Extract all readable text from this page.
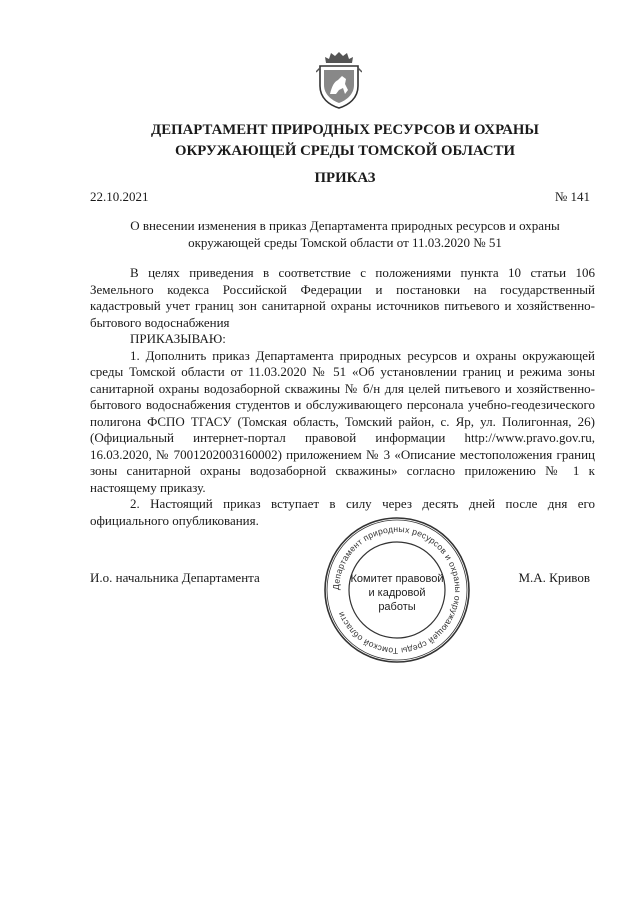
ДЕПАРТАМЕНТ ПРИРОДНЫХ РЕСУРСОВ И ОХРАНЫ
ОКРУЖАЮЩЕЙ СРЕДЫ ТОМСКОЙ ОБЛАСТИ
ПРИКАЗ
22.10.2021	№ 141
О внесении изменения в приказ Департамента природных ресурсов и охраны
окружающей среды Томской области от 11.03.2020 № 51

В целях приведения в соответствие с положениями пункта 10 статьи 106 Земельного кодекса Российской Федерации и постановки на государственный кадастровый учет границ зон санитарной охраны источников питьевого и хозяйственно-бытового водоснабжения

ПРИКАЗЫВАЮ:

1. Дополнить приказ Департамента природных ресурсов и охраны окружающей среды Томской области от 11.03.2020 № 51 «Об установлении границ и режима зоны санитарной охраны водозаборной скважины № б/н для целей питьевого и хозяйственно-бытового водоснабжения студентов и обслуживающего персонала учебно-геодезического полигона ФСПО ТГАСУ (Томская область, Томский район, с. Яр, ул. Полигонная, 26) (Официальный интернет-портал правовой информации http://www.pravo.gov.ru, 16.03.2020, № 7001202003160002) приложением № 3 «Описание местоположения границ зоны санитарной охраны водозаборной скважины» согласно приложению № 1 к настоящему приказу.

2. Настоящий приказ вступает в силу через десять дней после дня его официального опубликования.

И.о. начальника Департамента	М.А. Кривов
Департамент природных ресурсов и охраны окружающей среды Томской области
Комитет правовой
и кадровой
работы
